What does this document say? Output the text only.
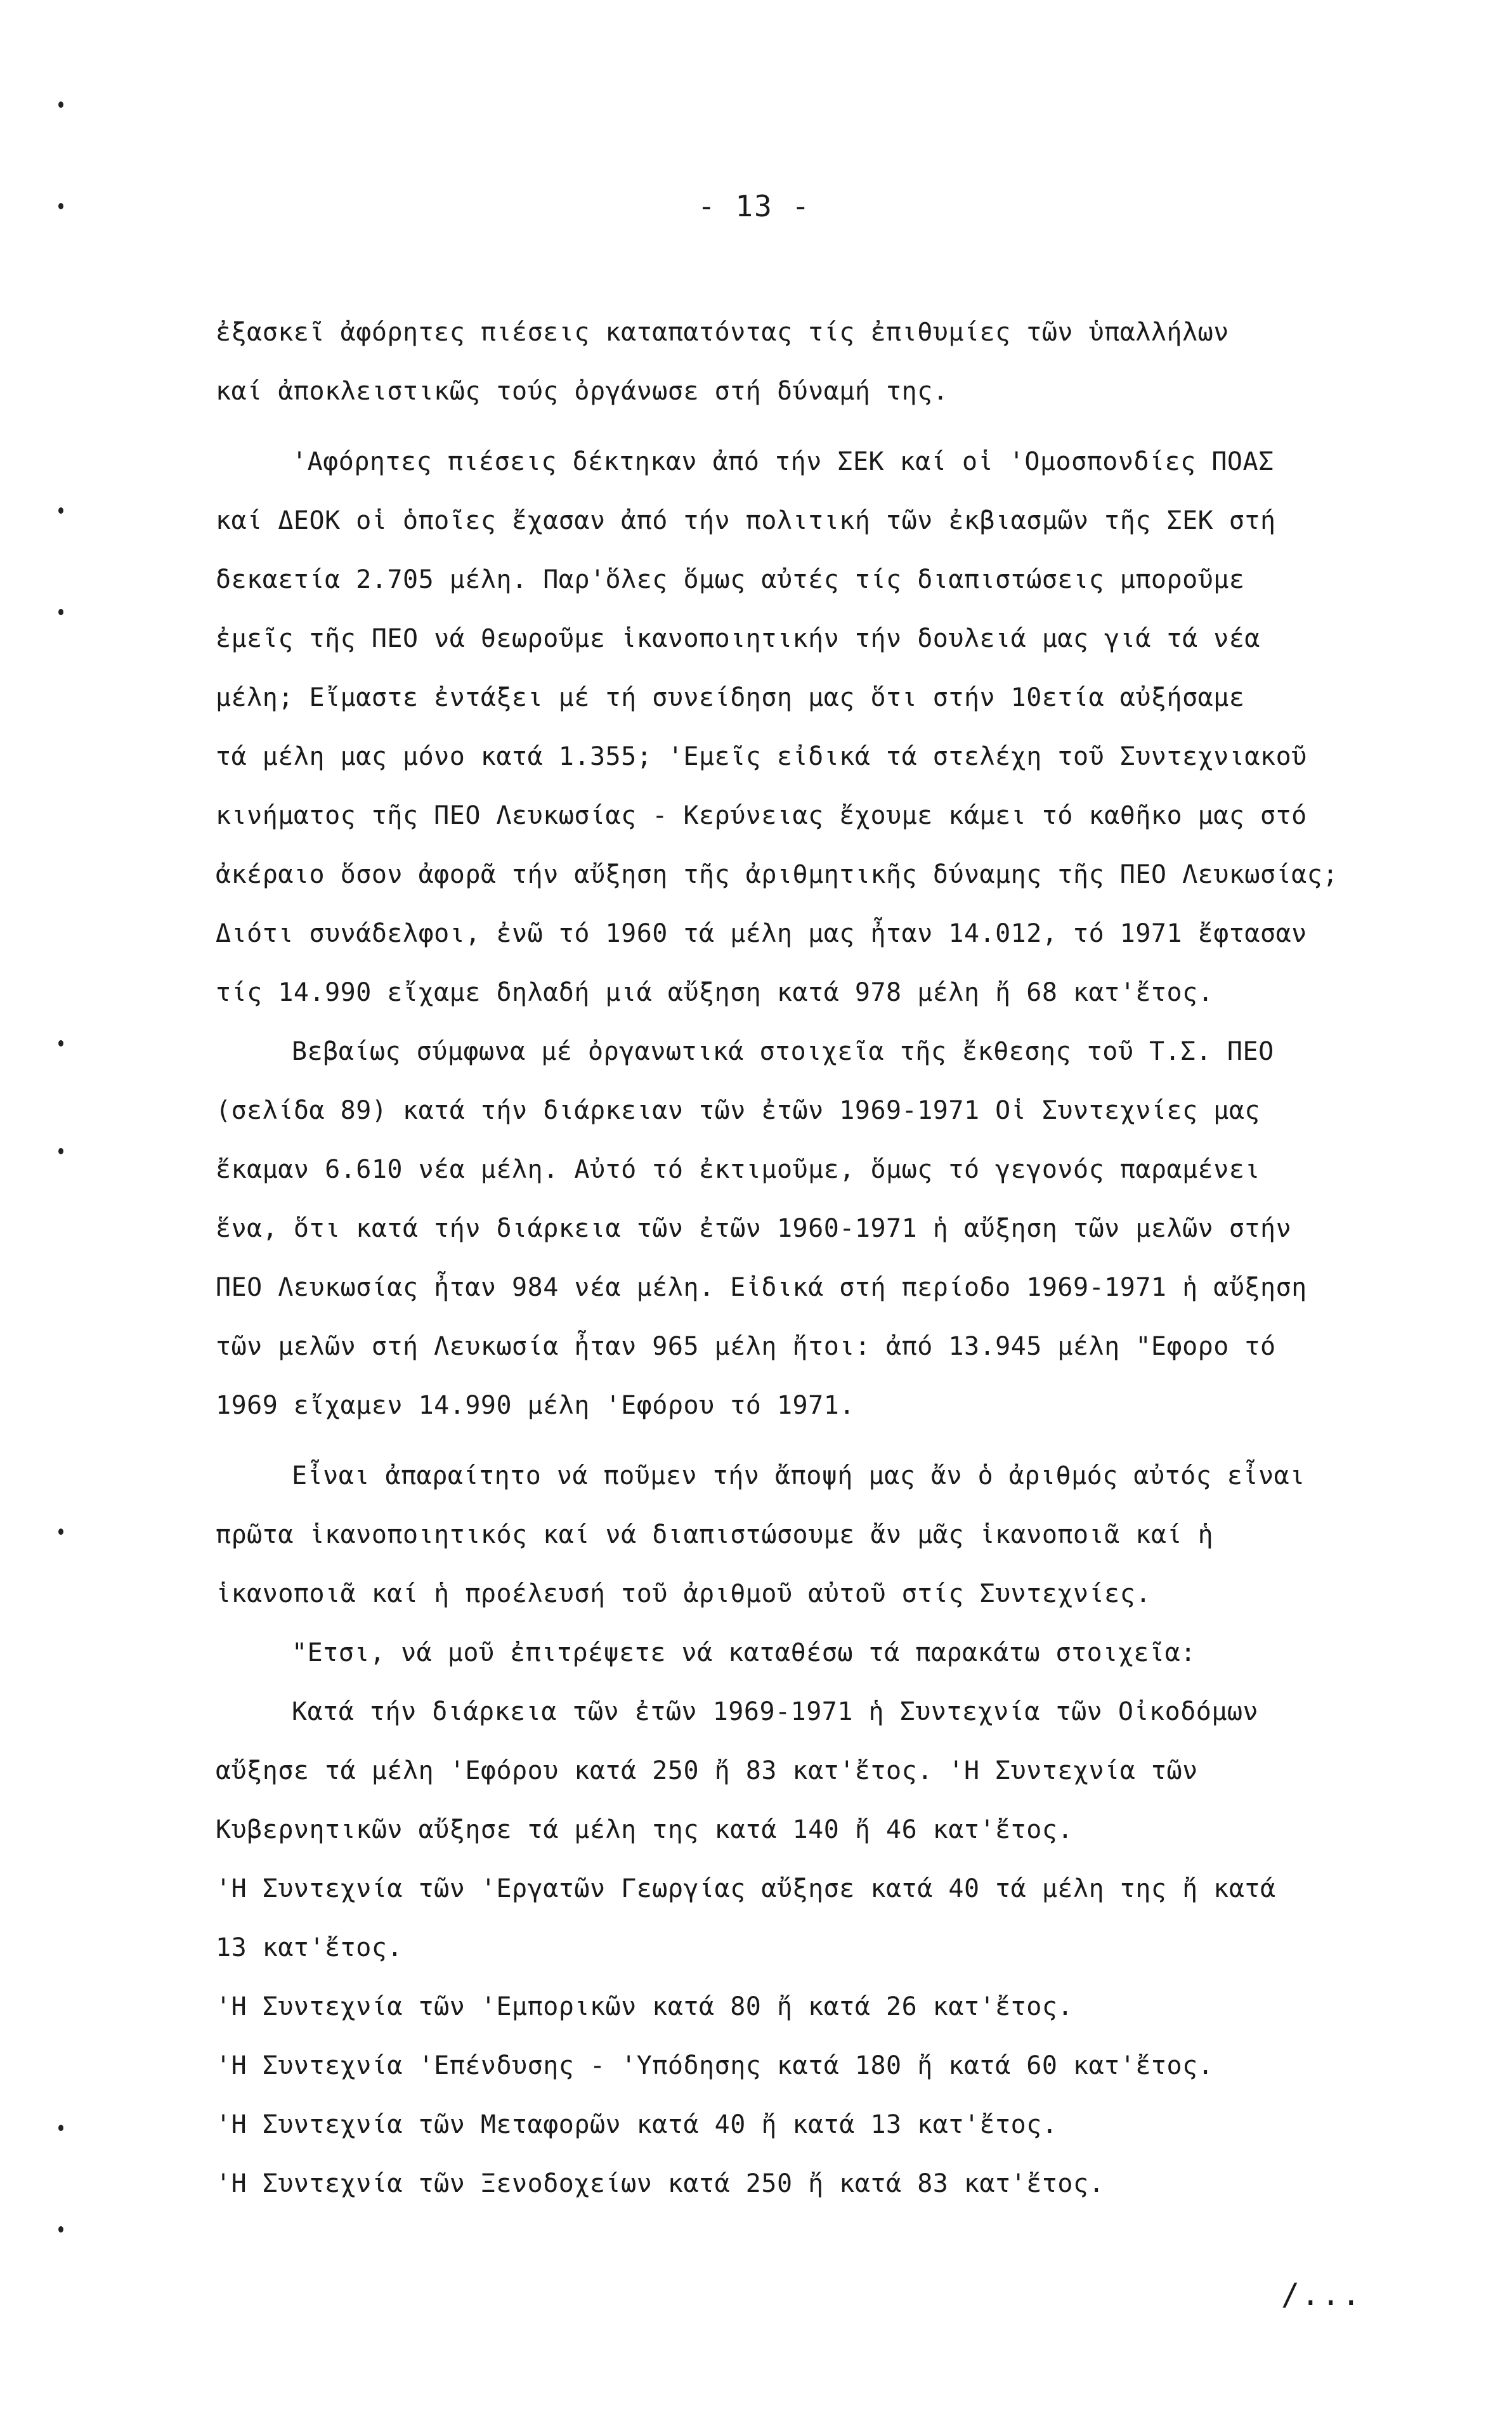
- 13 -
ἐξασκεῖ ἀφόρητες πιέσεις καταπατόντας τίς ἐπιθυμίες τῶν ὑπαλλήλων
καί ἀποκλειστικῶς τούς ὀργάνωσε στή δύναμή της.
'Αφόρητες πιέσεις δέκτηκαν ἀπό τήν ΣΕΚ καί οἱ 'Ομοσπονδίες ΠΟΑΣ
καί ΔΕΟΚ οἱ ὁποῖες ἔχασαν ἀπό τήν πολιτική τῶν ἐκβιασμῶν τῆς ΣΕΚ στή
δεκαετία 2.705 μέλη. Παρ'ὅλες ὅμως αὐτές τίς διαπιστώσεις μποροῦμε
ἐμεῖς τῆς ΠΕΟ νά θεωροῦμε ἱκανοποιητικήν τήν δουλειά μας γιά τά νέα
μέλη; Εἴμαστε ἐντάξει μέ τή συνείδηση μας ὅτι στήν 10ετία αὐξήσαμε
τά μέλη μας μόνο κατά 1.355; 'Εμεῖς εἰδικά τά στελέχη τοῦ Συντεχνιακοῦ
κινήματος τῆς ΠΕΟ Λευκωσίας - Κερύνειας ἔχουμε κάμει τό καθῆκο μας στό
ἀκέραιο ὅσον ἀφορᾶ τήν αὔξηση τῆς ἀριθμητικῆς δύναμης τῆς ΠΕΟ Λευκωσίας;
Διότι συνάδελφοι, ἐνῶ τό 1960 τά μέλη μας ἦταν 14.012, τό 1971 ἔφτασαν
τίς 14.990 εἴχαμε δηλαδή μιά αὔξηση κατά 978 μέλη ἤ 68 κατ'ἔτος.
Βεβαίως σύμφωνα μέ ὀργανωτικά στοιχεῖα τῆς ἔκθεσης τοῦ Τ.Σ. ΠΕΟ
(σελίδα 89) κατά τήν διάρκειαν τῶν ἐτῶν 1969-1971 Οἱ Συντεχνίες μας
ἔκαμαν 6.610 νέα μέλη. Αὐτό τό ἐκτιμοῦμε, ὅμως τό γεγονός παραμένει
ἕνα, ὅτι κατά τήν διάρκεια τῶν ἐτῶν 1960-1971 ἡ αὔξηση τῶν μελῶν στήν
ΠΕΟ Λευκωσίας ἦταν 984 νέα μέλη. Εἰδικά στή περίοδο 1969-1971 ἡ αὔξηση
τῶν μελῶν στή Λευκωσία ἦταν 965 μέλη ἤτοι: ἀπό 13.945 μέλη "Εφορο τό
1969 εἴχαμεν 14.990 μέλη 'Εφόρου τό 1971.
Εἶναι ἀπαραίτητο νά ποῦμεν τήν ἄποψή μας ἄν ὁ ἀριθμός αὐτός εἶναι
πρῶτα ἱκανοποιητικός καί νά διαπιστώσουμε ἄν μᾶς ἱκανοποιᾶ καί ἡ
ἱκανοποιᾶ καί ἡ προέλευσή τοῦ ἀριθμοῦ αὐτοῦ στίς Συντεχνίες.
"Ετσι, νά μοῦ ἐπιτρέψετε νά καταθέσω τά παρακάτω στοιχεῖα:
Κατά τήν διάρκεια τῶν ἐτῶν 1969-1971 ἡ Συντεχνία τῶν Οἰκοδόμων
αὔξησε τά μέλη 'Εφόρου κατά 250 ἤ 83 κατ'ἔτος. 'Η Συντεχνία τῶν
Κυβερνητικῶν αὔξησε τά μέλη της κατά 140 ἤ 46 κατ'ἔτος.
'Η Συντεχνία τῶν 'Εργατῶν Γεωργίας αὔξησε κατά 40 τά μέλη της ἤ κατά
13 κατ'ἔτος.
'Η Συντεχνία τῶν 'Εμπορικῶν κατά 80 ἤ κατά 26 κατ'ἔτος.
'Η Συντεχνία 'Επένδυσης - 'Υπόδησης κατά 180 ἤ κατά 60 κατ'ἔτος.
'Η Συντεχνία τῶν Μεταφορῶν κατά 40 ἤ κατά 13 κατ'ἔτος.
'Η Συντεχνία τῶν Ξενοδοχείων κατά 250 ἤ κατά 83 κατ'ἔτος.
/...
